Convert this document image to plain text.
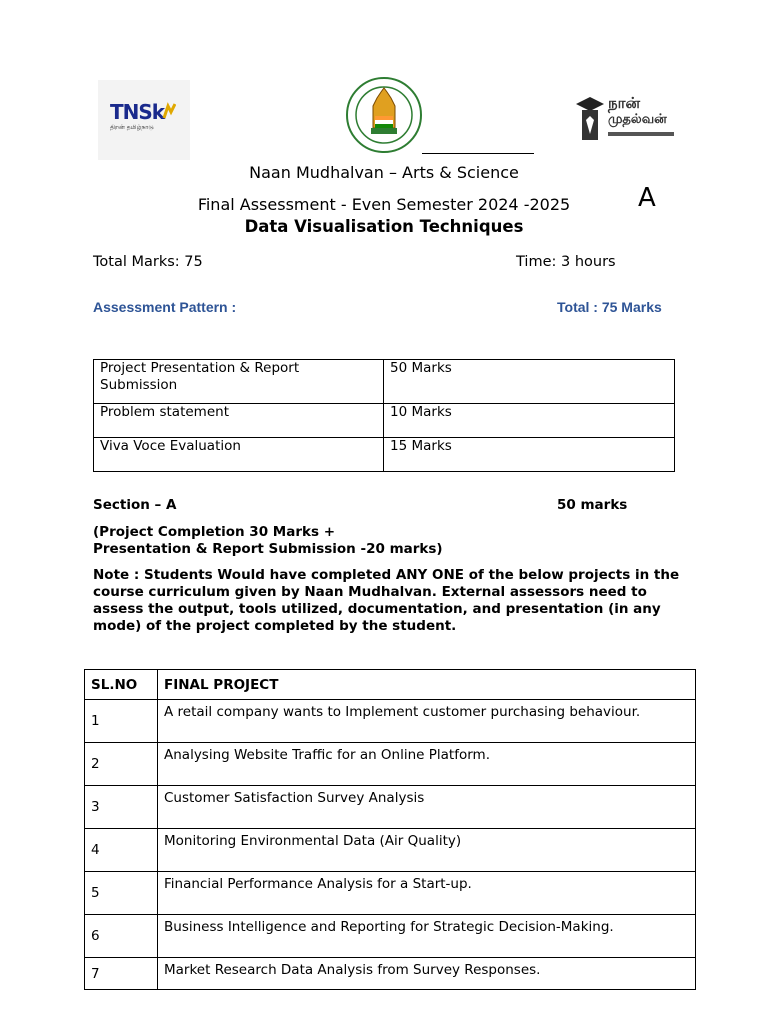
TNSk
திறன் தமிழ்நாடு
நான்
முதல்வன்
Naan Mudhalvan – Arts & Science
Final Assessment - Even Semester 2024 -2025	A
Data Visualisation Techniques
Total Marks: 75	Time: 3 hours
Assessment Pattern :	Total : 75 Marks
Project Presentation & Report Submission	50 Marks
Problem statement	10 Marks
Viva Voce Evaluation	15 Marks
Section – A	50 marks
(Project Completion 30 Marks +
Presentation & Report Submission -20 marks)
Note : Students Would have completed ANY ONE of the below projects in the course curriculum given by Naan Mudhalvan. External assessors need to assess the output, tools utilized, documentation, and presentation (in any mode) of the project completed by the student.
SL.NO	FINAL PROJECT
1	A retail company wants to Implement customer purchasing behaviour.
2	Analysing Website Traffic for an Online Platform.
3	Customer Satisfaction Survey Analysis
4	Monitoring Environmental Data (Air Quality)
5	Financial Performance Analysis for a Start-up.
6	Business Intelligence and Reporting for Strategic Decision-Making.
7	Market Research Data Analysis from Survey Responses.
